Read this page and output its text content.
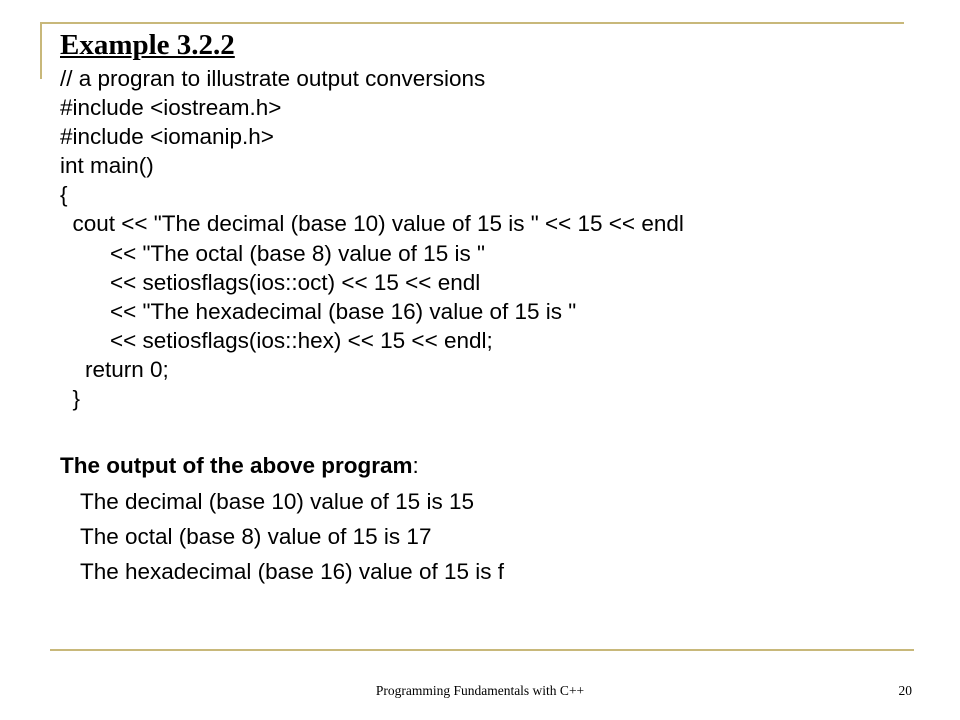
Example 3.2.2
// a progran to illustrate output conversions
#include <iostream.h>
#include <iomanip.h>
int main()
{
cout << "The decimal (base 10) value of 15 is " << 15 << endl
<< "The octal (base 8) value of 15 is "
<< setiosflags(ios::oct) << 15 << endl
<< "The hexadecimal (base 16) value of 15 is "
<< setiosflags(ios::hex) << 15 << endl;
return 0;
}
The output of the above program:
The decimal (base 10) value of 15 is 15
The octal (base 8) value of 15 is 17
The hexadecimal (base 16) value of 15 is f
Programming Fundamentals with C++	20
